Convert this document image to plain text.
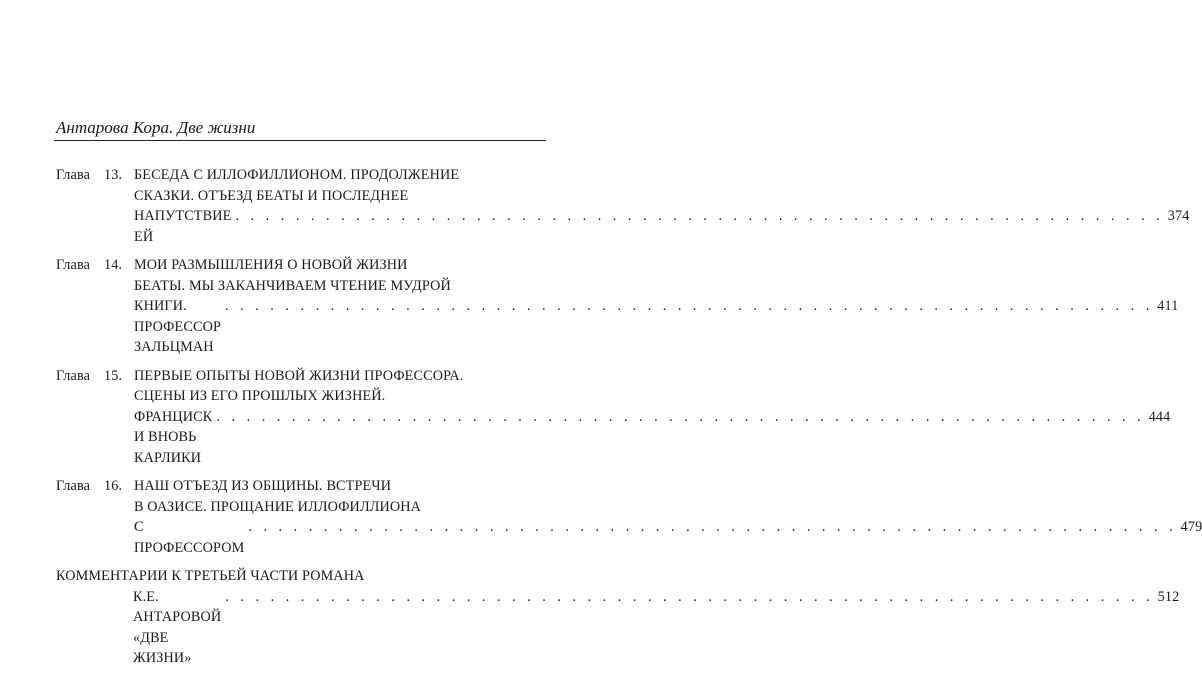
Антарова Кора. Две жизни
Глава 13. БЕСЕДА С ИЛЛОФИЛЛИОНОМ. ПРОДОЛЖЕНИЕ
СКАЗКИ. ОТЪЕЗД БЕАТЫ И ПОСЛЕДНЕЕ
НАПУТСТВИЕ ЕЙ
. . . . . . . . . . . . . . . . . . . . . . . . . . . . . . . . . . . . . . . . . . . . . . . . . . . . . . . . . . . . . . 374
Глава 14. МОИ РАЗМЫШЛЕНИЯ О НОВОЙ ЖИЗНИ
БЕАТЫ. МЫ ЗАКАНЧИВАЕМ ЧТЕНИЕ МУДРОЙ
КНИГИ. ПРОФЕССОР ЗАЛЬЦМАН
. . . . . . . . . . . . . . . . . . . . . . . . . . . . . . . . . . . . . . . . . . . . . . . . . . . . . . . . . . . . . . 411
Глава 15. ПЕРВЫЕ ОПЫТЫ НОВОЙ ЖИЗНИ ПРОФЕССОРА.
СЦЕНЫ ИЗ ЕГО ПРОШЛЫХ ЖИЗНЕЙ.
ФРАНЦИСК И ВНОВЬ КАРЛИКИ
. . . . . . . . . . . . . . . . . . . . . . . . . . . . . . . . . . . . . . . . . . . . . . . . . . . . . . . . . . . . . . 444
Глава 16. НАШ ОТЪЕЗД ИЗ ОБЩИНЫ. ВСТРЕЧИ
В ОАЗИСЕ. ПРОЩАНИЕ ИЛЛОФИЛЛИОНА
С ПРОФЕССОРОМ
. . . . . . . . . . . . . . . . . . . . . . . . . . . . . . . . . . . . . . . . . . . . . . . . . . . . . . . . . . . . . . 479
КОММЕНТАРИИ К ТРЕТЬЕЙ ЧАСТИ РОМАНА
К.Е. АНТАРОВОЙ «ДВЕ ЖИЗНИ»
. . . . . . . . . . . . . . . . . . . . . . . . . . . . . . . . . . . . . . . . . . . . . . . . . . . . . . . . . . . . . . 512
